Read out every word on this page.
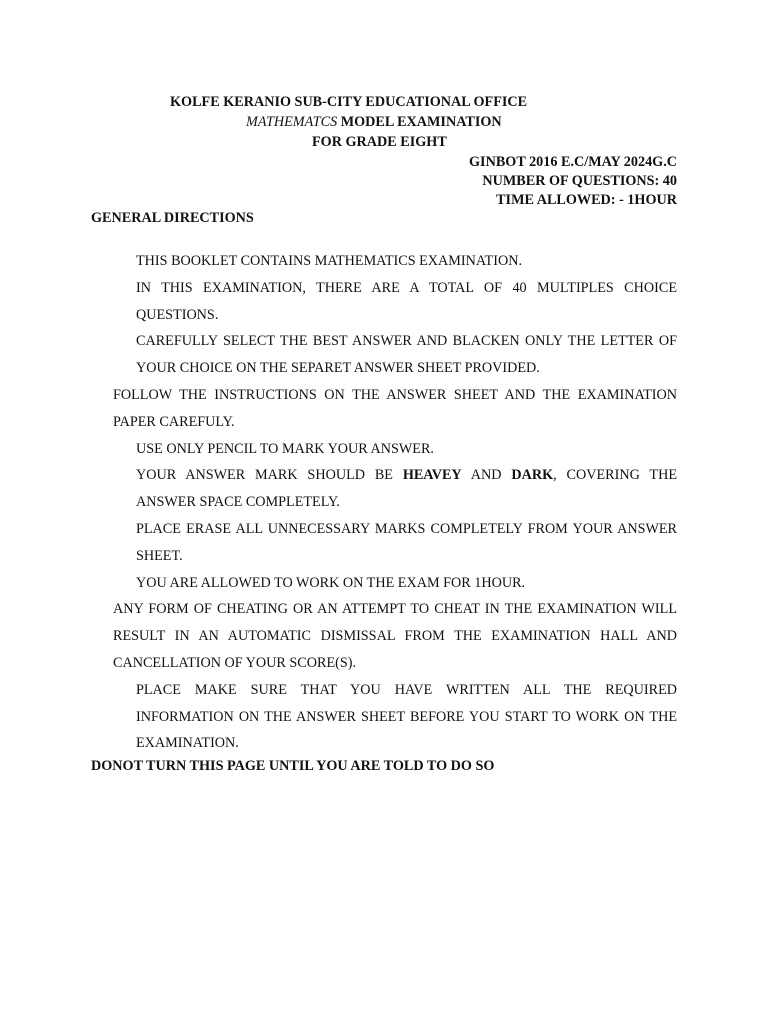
KOLFE KERANIO SUB-CITY EDUCATIONAL OFFICE
MATHEMATCS MODEL EXAMINATION
FOR GRADE EIGHT
GINBOT 2016 E.C/MAY 2024G.C
NUMBER OF QUESTIONS: 40
TIME ALLOWED: - 1HOUR
GENERAL DIRECTIONS

THIS BOOKLET CONTAINS MATHEMATICS EXAMINATION.

IN THIS EXAMINATION, THERE ARE A TOTAL OF 40 MULTIPLES CHOICE QUESTIONS.

CAREFULLY SELECT THE BEST ANSWER AND BLACKEN ONLY THE LETTER OF YOUR CHOICE ON THE SEPARET ANSWER SHEET PROVIDED.

FOLLOW THE INSTRUCTIONS ON THE ANSWER SHEET AND THE EXAMINATION PAPER CAREFULY.

USE ONLY PENCIL TO MARK YOUR ANSWER.

YOUR ANSWER MARK SHOULD BE HEAVEY AND DARK, COVERING THE ANSWER SPACE COMPLETELY.

PLACE ERASE ALL UNNECESSARY MARKS COMPLETELY FROM YOUR ANSWER SHEET.

YOU ARE ALLOWED TO WORK ON THE EXAM FOR 1HOUR.

ANY FORM OF CHEATING OR AN ATTEMPT TO CHEAT IN THE EXAMINATION WILL RESULT IN AN AUTOMATIC DISMISSAL FROM THE EXAMINATION HALL AND CANCELLATION OF YOUR SCORE(S).

PLACE MAKE SURE THAT YOU HAVE WRITTEN ALL THE REQUIRED INFORMATION ON THE ANSWER SHEET BEFORE YOU START TO WORK ON THE EXAMINATION.

DONOT TURN THIS PAGE UNTIL YOU ARE TOLD TO DO SO
